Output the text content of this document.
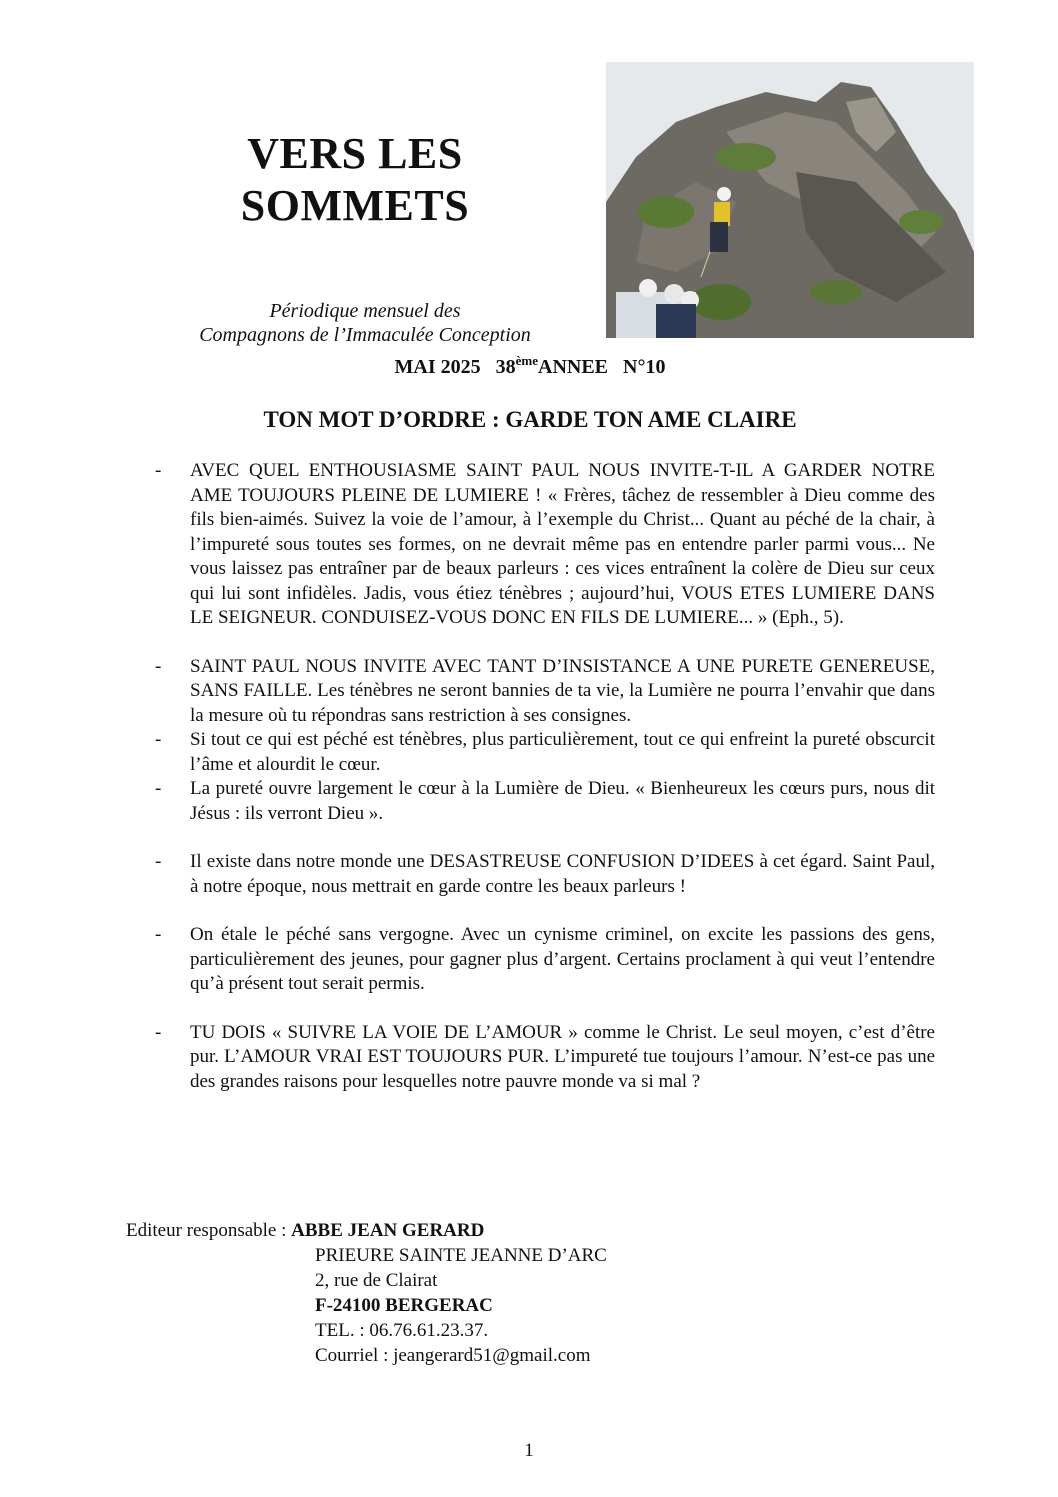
VERS LES
SOMMETS
Périodique mensuel des
Compagnons de l’Immaculée Conception
MAI 2025 38èmeANNEE N°10
TON MOT D’ORDRE : GARDE TON AME CLAIRE
- AVEC QUEL ENTHOUSIASME SAINT PAUL NOUS INVITE-T-IL A GARDER NOTRE AME TOUJOURS PLEINE DE LUMIERE ! « Frères, tâchez de ressembler à Dieu comme des fils bien-aimés. Suivez la voie de l’amour, à l’exemple du Christ... Quant au péché de la chair, à l’impureté sous toutes ses formes, on ne devrait même pas en entendre parler parmi vous... Ne vous laissez pas entraîner par de beaux parleurs : ces vices entraînent la colère de Dieu sur ceux qui lui sont infidèles. Jadis, vous étiez ténèbres ; aujourd’hui, VOUS ETES LUMIERE DANS LE SEIGNEUR. CONDUISEZ-VOUS DONC EN FILS DE LUMIERE... » (Eph., 5).

- SAINT PAUL NOUS INVITE AVEC TANT D’INSISTANCE A UNE PURETE GENEREUSE, SANS FAILLE. Les ténèbres ne seront bannies de ta vie, la Lumière ne pourra l’envahir que dans la mesure où tu répondras sans restriction à ses consignes.

- Si tout ce qui est péché est ténèbres, plus particulièrement, tout ce qui enfreint la pureté obscurcit l’âme et alourdit le cœur.

- La pureté ouvre largement le cœur à la Lumière de Dieu. « Bienheureux les cœurs purs, nous dit Jésus : ils verront Dieu ».

- Il existe dans notre monde une DESASTREUSE CONFUSION D’IDEES à cet égard. Saint Paul, à notre époque, nous mettrait en garde contre les beaux parleurs !

- On étale le péché sans vergogne. Avec un cynisme criminel, on excite les passions des gens, particulièrement des jeunes, pour gagner plus d’argent. Certains proclament à qui veut l’entendre qu’à présent tout serait permis.

- TU DOIS « SUIVRE LA VOIE DE L’AMOUR » comme le Christ. Le seul moyen, c’est d’être pur. L’AMOUR VRAI EST TOUJOURS PUR. L’impureté tue toujours l’amour. N’est-ce pas une des grandes raisons pour lesquelles notre pauvre monde va si mal ?

Editeur responsable : ABBE JEAN GERARD
PRIEURE SAINTE JEANNE D’ARC
2, rue de Clairat
F-24100 BERGERAC
TEL. : 06.76.61.23.37.
Courriel : jeangerard51@gmail.com
1
